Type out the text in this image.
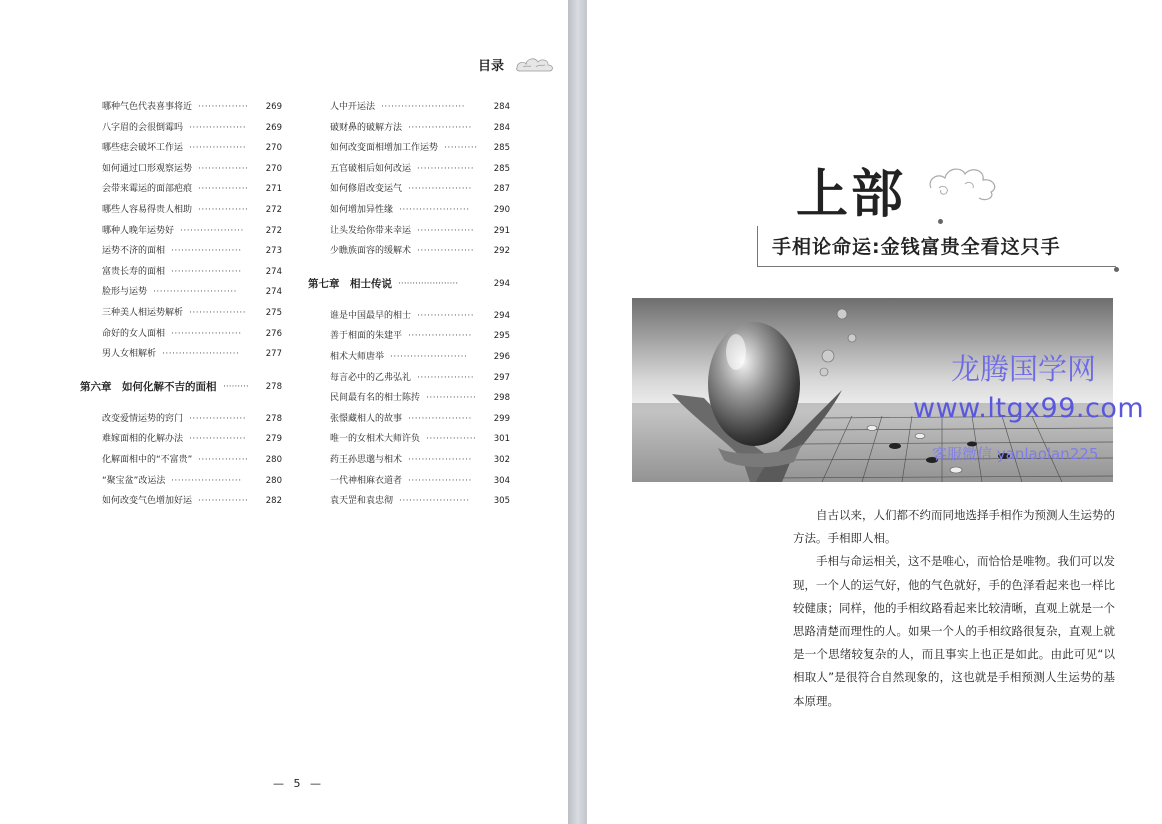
目录
哪种气色代表喜事将近 ··············· 269
八字眉的会很倒霉吗 ················· 269
哪些痣会破坏工作运 ················· 270
如何通过口形观察运势 ··············· 270
会带来霉运的面部疤痕 ··············· 271
哪些人容易得贵人相助 ··············· 272
哪种人晚年运势好 ···················	272
运势不济的面相 ·····················	273
富贵长寿的面相 ·····················	274
脸形与运势 ·························	274
三种美人相运势解析 ················· 275
命好的女人面相 ·····················	276
男人女相解析 ·······················	277
第六章　如何化解不吉的面相 ········· 278
改变爱情运势的窍门 ················· 278
难嫁面相的化解办法 ················· 279
化解面相中的“不富贵” ··············· 280
“聚宝盆”改运法 ·····················	280
如何改变气色增加好运 ··············· 282
人中开运法 ·························	284
破财鼻的破解方法 ···················	284
如何改变面相增加工作运势 ·········· 285
五官破相后如何改运 ················· 285
如何修眉改变运气 ···················	287
如何增加异性缘 ·····················	290
让头发给你带来幸运 ················· 291
少瞧族面容的缓解术 ················· 292
第七章　相士传说 ·····················	294
谁是中国最早的相士 ················· 294
善于相面的朱建平 ···················	295
相术大师唐举 ·······················	296
每言必中的乙弗弘礼 ················· 297
民间最有名的相士陈抟 ··············· 298
张憬藏相人的故事 ···················	299
唯一的女相术大师许负 ··············· 301
药王孙思邈与相术 ···················	302
一代神相麻衣道者 ···················	304
袁天罡和袁忠彻 ·····················	305
— 5 —
上部
手相论命运:金钱富贵全看这只手
龙腾国学网
www.ltgx99.com
客服微信 yanlaolan225

自古以来，人们都不约而同地选择手相作为预测人生运势的方法。手相即人相。

手相与命运相关，这不是唯心，而恰恰是唯物。我们可以发现，一个人的运气好，他的气色就好，手的色泽看起来也一样比较健康；同样，他的手相纹路看起来比较清晰，直观上就是一个思路清楚而理性的人。如果一个人的手相纹路很复杂，直观上就是一个思绪较复杂的人，而且事实上也正是如此。由此可见“以相取人”是很符合自然现象的，这也就是手相预测人生运势的基本原理。
